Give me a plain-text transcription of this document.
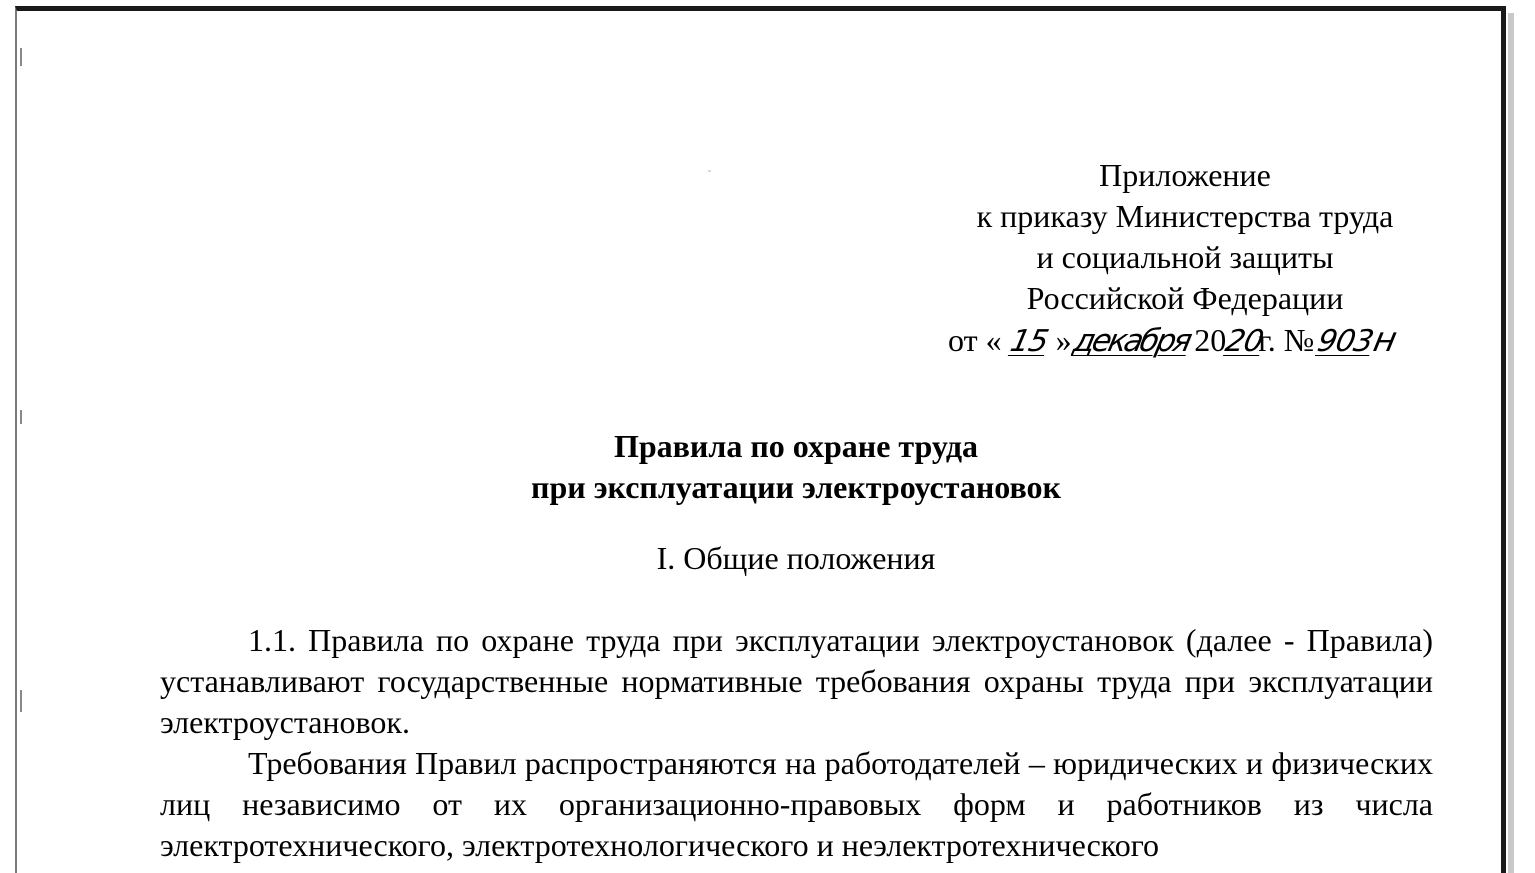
Приложение
к приказу Министерства труда
и социальной защиты
Российской Федерации
от « 15 »декабря2020г. №903н
Правила по охране труда
при эксплуатации электроустановок
I. Общие положения
1.1. Правила по охране труда при эксплуатации электроустановок (далее - Правила) устанавливают государственные нормативные требования охраны труда при эксплуатации электроустановок.
Требования Правил распространяются на работодателей – юридических и физических лиц независимо от их организационно-правовых форм и работников из числа электротехнического, электротехнологического и неэлектротехнического
